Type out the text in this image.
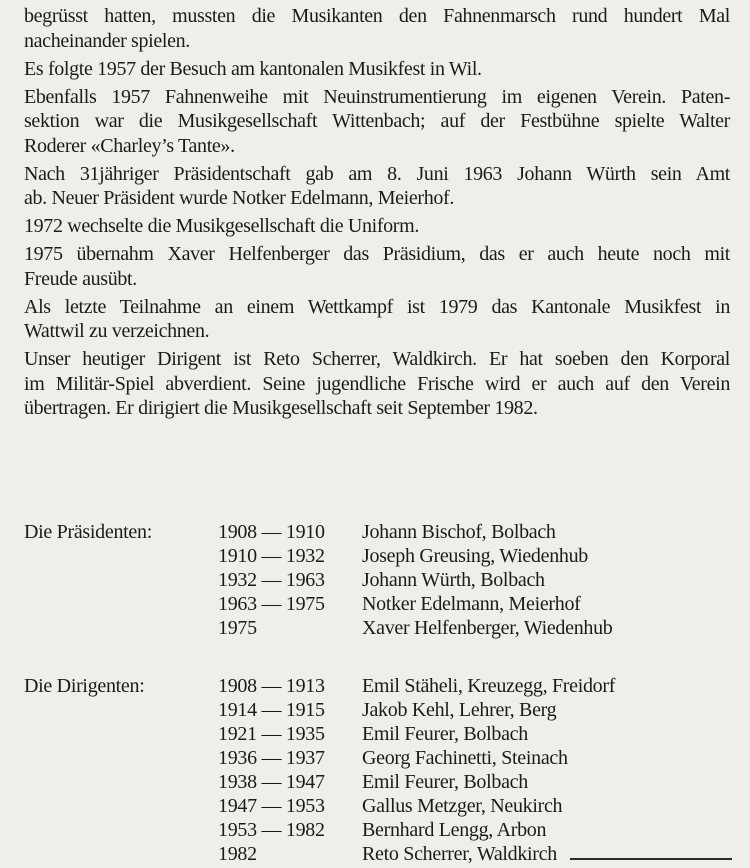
begrüsst hatten, mussten die Musikanten den Fahnenmarsch rund hundert Mal
nacheinander spielen.
Es folgte 1957 der Besuch am kantonalen Musikfest in Wil.
Ebenfalls 1957 Fahnenweihe mit Neuinstrumentierung im eigenen Verein. Paten-
sektion war die Musikgesellschaft Wittenbach; auf der Festbühne spielte Walter
Roderer «Charley’s Tante».
Nach 31jähriger Präsidentschaft gab am 8. Juni 1963 Johann Würth sein Amt
ab. Neuer Präsident wurde Notker Edelmann, Meierhof.
1972 wechselte die Musikgesellschaft die Uniform.
1975 übernahm Xaver Helfenberger das Präsidium, das er auch heute noch mit
Freude ausübt.
Als letzte Teilnahme an einem Wettkampf ist 1979 das Kantonale Musikfest in
Wattwil zu verzeichnen.
Unser heutiger Dirigent ist Reto Scherrer, Waldkirch. Er hat soeben den Korporal
im Militär-Spiel abverdient. Seine jugendliche Frische wird er auch auf den Verein
übertragen. Er dirigiert die Musikgesellschaft seit September 1982.
Die Präsidenten:	1908 — 1910 Johann Bischof, Bolbach
1910 — 1932 Joseph Greusing, Wiedenhub
1932 — 1963 Johann Würth, Bolbach
1963 — 1975 Notker Edelmann, Meierhof
1975	Xaver Helfenberger, Wiedenhub
Die Dirigenten:	1908 — 1913 Emil Stäheli, Kreuzegg, Freidorf
1914 — 1915 Jakob Kehl, Lehrer, Berg
1921 — 1935 Emil Feurer, Bolbach
1936 — 1937 Georg Fachinetti, Steinach
1938 — 1947 Emil Feurer, Bolbach
1947 — 1953 Gallus Metzger, Neukirch
1953 — 1982 Bernhard Lengg, Arbon
1982	Reto Scherrer, Waldkirch
